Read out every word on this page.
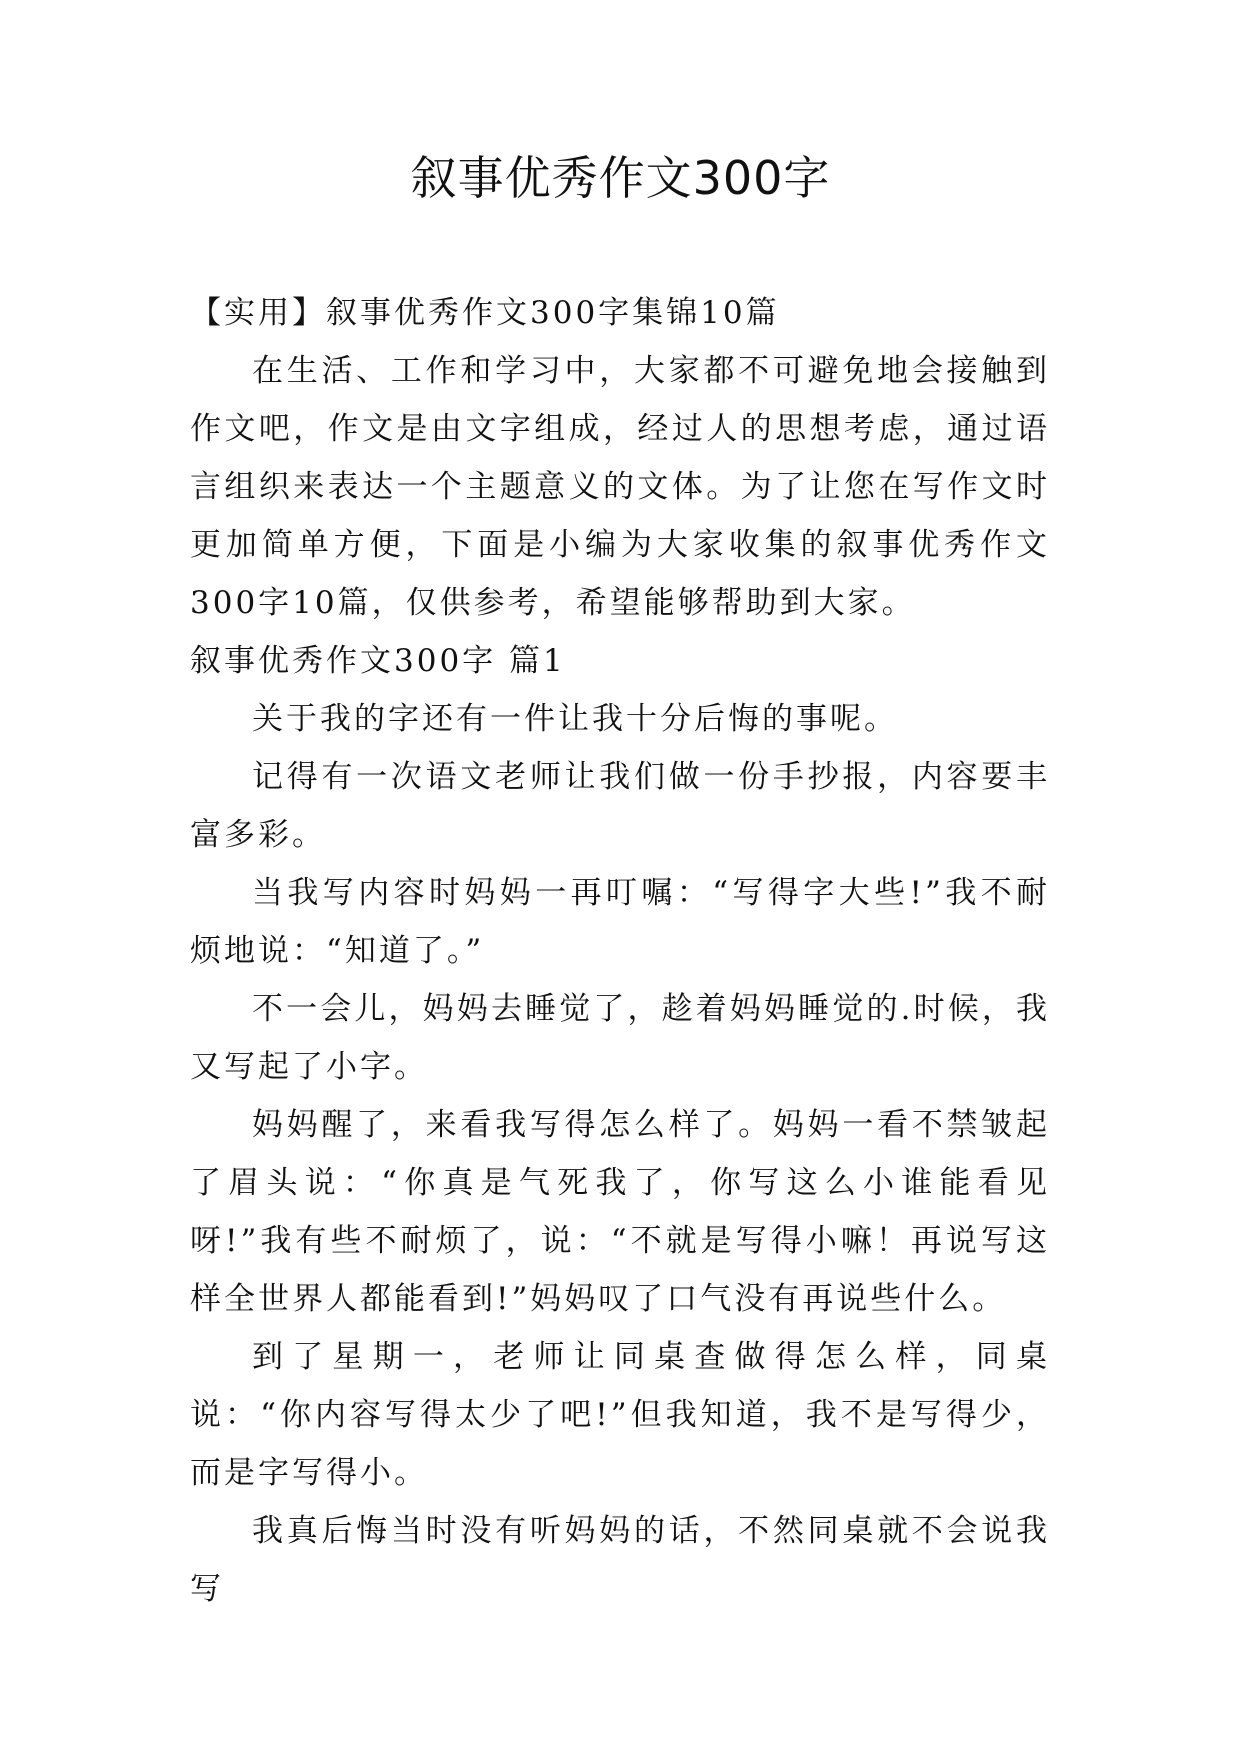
叙事优秀作文300字

【实用】叙事优秀作文300字集锦10篇

在生活、工作和学习中，大家都不可避免地会接触到作文吧，作文是由文字组成，经过人的思想考虑，通过语言组织来表达一个主题意义的文体。为了让您在写作文时更加简单方便，下面是小编为大家收集的叙事优秀作文300字10篇，仅供参考，希望能够帮助到大家。

叙事优秀作文300字 篇1

关于我的字还有一件让我十分后悔的事呢。

记得有一次语文老师让我们做一份手抄报，内容要丰富多彩。

当我写内容时妈妈一再叮嘱：“写得字大些!”我不耐烦地说：“知道了。”

不一会儿，妈妈去睡觉了，趁着妈妈睡觉的.时候，我又写起了小字。

妈妈醒了，来看我写得怎么样了。妈妈一看不禁皱起了眉头说：“你真是气死我了，你写这么小谁能看见呀!”我有些不耐烦了，说：“不就是写得小嘛！再说写这样全世界人都能看到!”妈妈叹了口气没有再说些什么。

到了星期一，老师让同桌查做得怎么样，同桌说：“你内容写得太少了吧!”但我知道，我不是写得少，而是字写得小。

我真后悔当时没有听妈妈的话，不然同桌就不会说我写
